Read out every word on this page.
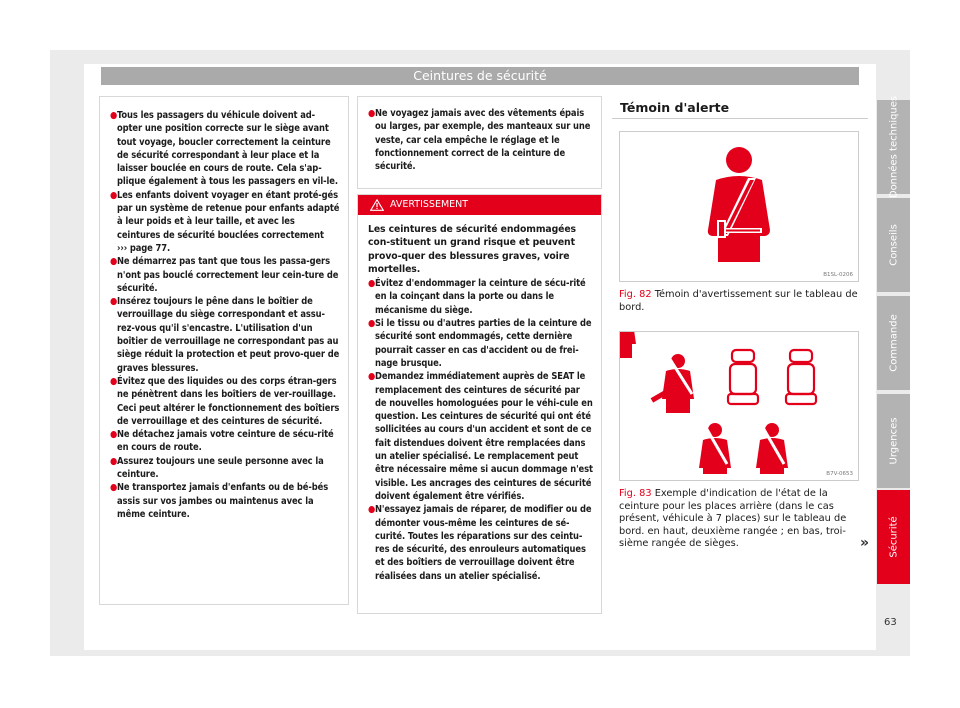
Ceintures de sécurité
● Tous les passagers du véhicule doivent ad-opter une position correcte sur le siège avant tout voyage, boucler correctement la ceinture de sécurité correspondant à leur place et la laisser bouclée en cours de route. Cela s'ap-plique également à tous les passagers en vil-le.
● Les enfants doivent voyager en étant proté-gés par un système de retenue pour enfants adapté à leur poids et à leur taille, et avec les ceintures de sécurité bouclées correctement
››› page 77.
● Ne démarrez pas tant que tous les passa-gers n'ont pas bouclé correctement leur cein-ture de sécurité.
● Insérez toujours le pêne dans le boîtier de verrouillage du siège correspondant et assu-rez-vous qu'il s'encastre. L'utilisation d'un boîtier de verrouillage ne correspondant pas au siège réduit la protection et peut provo-quer de graves blessures.
● Évitez que des liquides ou des corps étran-gers ne pénètrent dans les boîtiers de ver-rouillage. Ceci peut altérer le fonctionnement des boîtiers de verrouillage et des ceintures de sécurité.
● Ne détachez jamais votre ceinture de sécu-rité en cours de route.
● Assurez toujours une seule personne avec la ceinture.
● Ne transportez jamais d'enfants ou de bé-bés assis sur vos jambes ou maintenus avec la même ceinture.
● Ne voyagez jamais avec des vêtements épais ou larges, par exemple, des manteaux sur une veste, car cela empêche le réglage et le fonctionnement correct de la ceinture de sécurité.
AVERTISSEMENT

Les ceintures de sécurité endommagées con-stituent un grand risque et peuvent provo-quer des blessures graves, voire mortelles.

● Évitez d'endommager la ceinture de sécu-rité en la coinçant dans la porte ou dans le mécanisme du siège.
● Si le tissu ou d'autres parties de la ceinture de sécurité sont endommagés, cette dernière pourrait casser en cas d'accident ou de frei-nage brusque.
● Demandez immédiatement auprès de SEAT le remplacement des ceintures de sécurité par de nouvelles homologuées pour le véhi-cule en question. Les ceintures de sécurité qui ont été sollicitées au cours d'un accident et sont de ce fait distendues doivent être remplacées dans un atelier spécialisé. Le remplacement peut être nécessaire même si aucun dommage n'est visible. Les ancrages des ceintures de sécurité doivent également être vérifiés.
● N'essayez jamais de réparer, de modifier ou de démonter vous-même les ceintures de sé-curité. Toutes les réparations sur des ceintu-res de sécurité, des enrouleurs automatiques et des boîtiers de verrouillage doivent être réalisées dans un atelier spécialisé.
Témoin d'alerte
B1SL-0206
Fig. 82 Témoin d'avertissement sur le tableau de bord.
B7V-0653
Fig. 83 Exemple d'indication de l'état de la ceinture pour les places arrière (dans le cas présent, véhicule à 7 places) sur le tableau de bord. en haut, deuxième rangée ; en bas, troi-sième rangée de sièges.	»
Données techniques
Conseils
Commande
Urgences
Sécurité
63
